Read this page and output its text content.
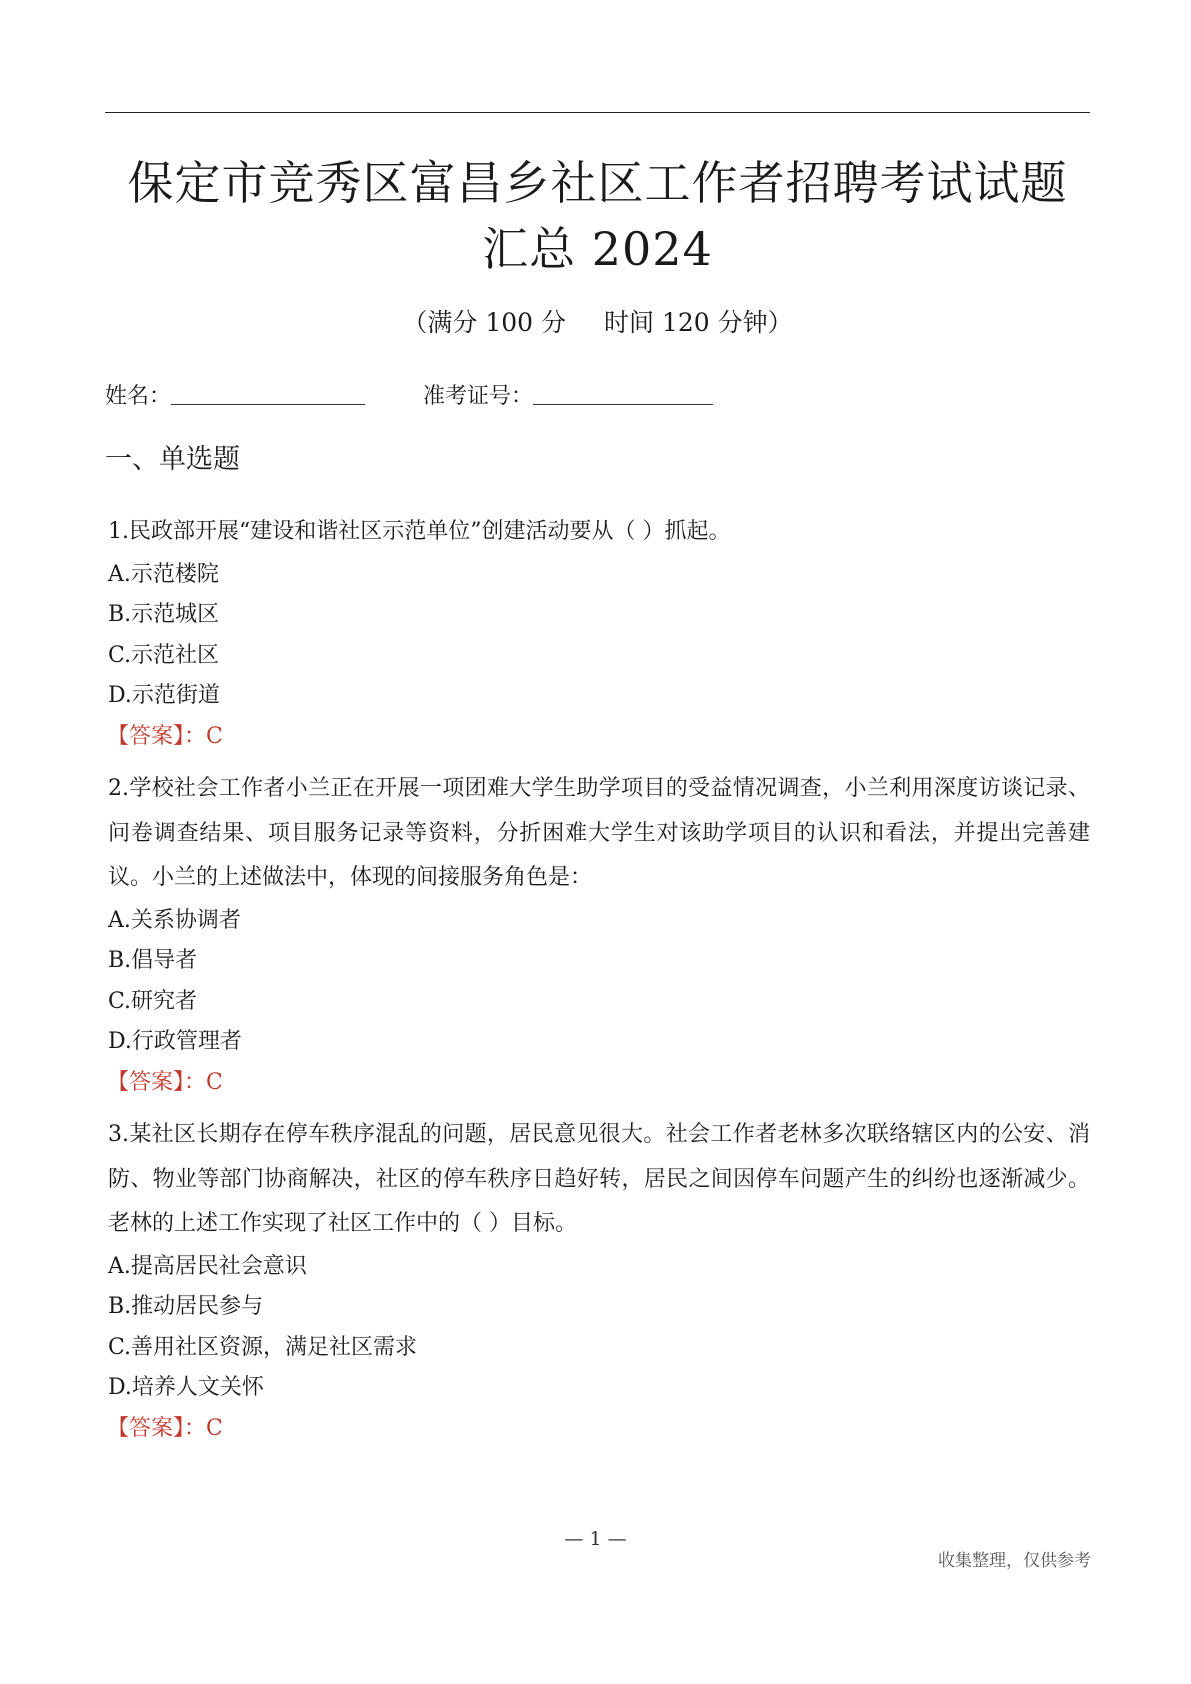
保定市竞秀区富昌乡社区工作者招聘考试试题
汇总 2024
（满分 100 分 时间 120 分钟）
姓名：	准考证号：
一、单选题

1.民政部开展“建设和谐社区示范单位”创建活动要从（ ）抓起。

A.示范楼院

B.示范城区

C.示范社区

D.示范街道

【答案】：C

2.学校社会工作者小兰正在开展一项团难大学生助学项目的受益情况调查，小兰利用深度访谈记录、问卷调查结果、项目服务记录等资料，分折困难大学生对该助学项目的认识和看法，并提出完善建议。小兰的上述做法中，体现的间接服务角色是：

A.关系协调者

B.倡导者

C.研究者

D.行政管理者

【答案】：C

3.某社区长期存在停车秩序混乱的问题，居民意见很大。社会工作者老林多次联络辖区内的公安、消防、物业等部门协商解决，社区的停车秩序日趋好转，居民之间因停车问题产生的纠纷也逐渐减少。老林的上述工作实现了社区工作中的（ ）目标。

A.提高居民社会意识

B.推动居民参与

C.善用社区资源，满足社区需求

D.培养人文关怀

【答案】：C

— 1 —
收集整理，仅供参考
